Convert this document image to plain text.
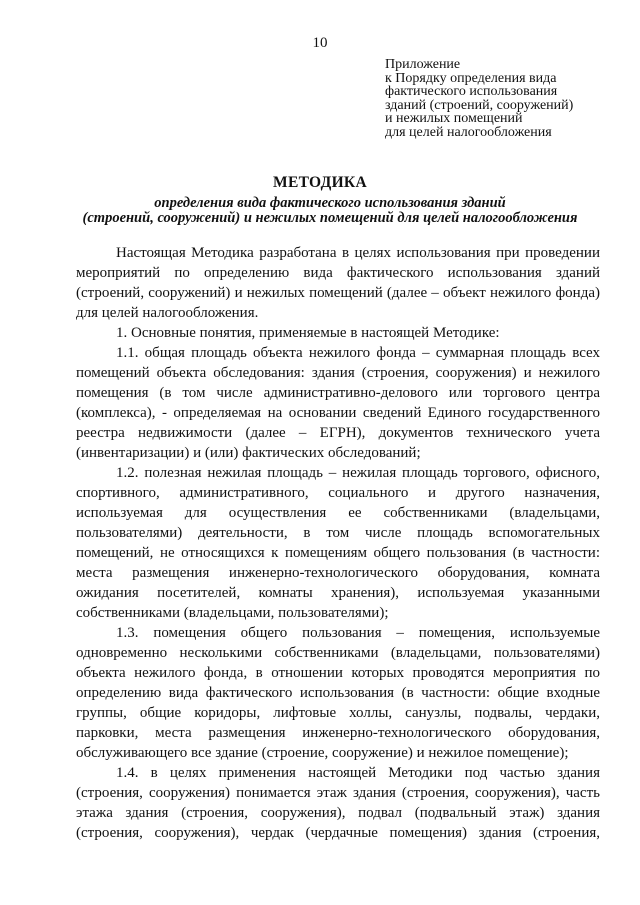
10
Приложение
к Порядку определения вида
фактического использования
зданий (строений, сооружений)
и нежилых помещений
для целей налогообложения
МЕТОДИКА
определения вида фактического использования зданий
(строений, сооружений) и нежилых помещений для целей налогообложения

Настоящая Методика разработана в целях использования при проведении мероприятий по определению вида фактического использования зданий (строений, сооружений) и нежилых помещений (далее – объект нежилого фонда) для целей налогообложения.

1. Основные понятия, применяемые в настоящей Методике:

1.1. общая площадь объекта нежилого фонда – суммарная площадь всех помещений объекта обследования: здания (строения, сооружения) и нежилого помещения (в том числе административно-делового или торгового центра (комплекса), - определяемая на основании сведений Единого государственного реестра недвижимости (далее – ЕГРН), документов технического учета (инвентаризации) и (или) фактических обследований;

1.2. полезная нежилая площадь – нежилая площадь торгового, офисного, спортивного, административного, социального и другого назначения, используемая для осуществления ее собственниками (владельцами, пользователями) деятельности, в том числе площадь вспомогательных помещений, не относящихся к помещениям общего пользования (в частности: места размещения инженерно-технологического оборудования, комната ожидания посетителей, комнаты хранения), используемая указанными собственниками (владельцами, пользователями);

1.3. помещения общего пользования – помещения, используемые одновременно несколькими собственниками (владельцами, пользователями) объекта нежилого фонда, в отношении которых проводятся мероприятия по определению вида фактического использования (в частности: общие входные группы, общие коридоры, лифтовые холлы, санузлы, подвалы, чердаки, парковки, места размещения инженерно-технологического оборудования, обслуживающего все здание (строение, сооружение) и нежилое помещение);

1.4. в целях применения настоящей Методики под частью здания (строения, сооружения) понимается этаж здания (строения, сооружения), часть этажа здания (строения, сооружения), подвал (подвальный этаж) здания (строения, сооружения), чердак (чердачные помещения) здания (строения,
